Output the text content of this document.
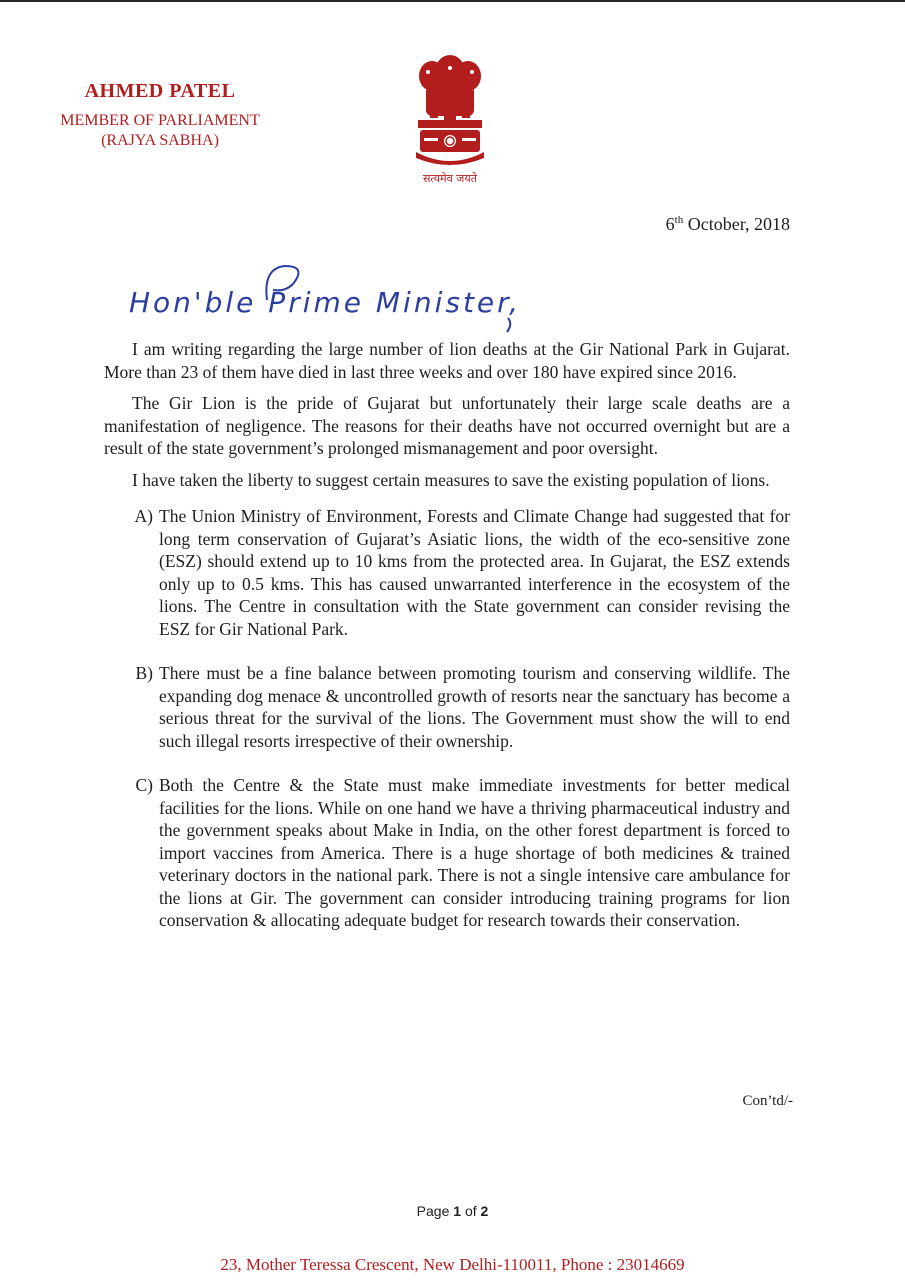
AHMED PATEL
MEMBER OF PARLIAMENT
(RAJYA SABHA)
सत्यमेव जयते
6th October, 2018
Hon'ble Prime Minister,

I am writing regarding the large number of lion deaths at the Gir National Park in Gujarat. More than 23 of them have died in last three weeks and over 180 have expired since 2016.

The Gir Lion is the pride of Gujarat but unfortunately their large scale deaths are a manifestation of negligence. The reasons for their deaths have not occurred overnight but are a result of the state government’s prolonged mismanagement and poor oversight.

I have taken the liberty to suggest certain measures to save the existing population of lions.

A) The Union Ministry of Environment, Forests and Climate Change had suggested that for long term conservation of Gujarat’s Asiatic lions, the width of the eco-sensitive zone (ESZ) should extend up to 10 kms from the protected area. In Gujarat, the ESZ extends only up to 0.5 kms. This has caused unwarranted interference in the ecosystem of the lions. The Centre in consultation with the State government can consider revising the ESZ for Gir National Park.
B) There must be a fine balance between promoting tourism and conserving wildlife. The expanding dog menace & uncontrolled growth of resorts near the sanctuary has become a serious threat for the survival of the lions. The Government must show the will to end such illegal resorts irrespective of their ownership.
C) Both the Centre & the State must make immediate investments for better medical facilities for the lions. While on one hand we have a thriving pharmaceutical industry and the government speaks about Make in India, on the other forest department is forced to import vaccines from America. There is a huge shortage of both medicines & trained veterinary doctors in the national park. There is not a single intensive care ambulance for the lions at Gir. The government can consider introducing training programs for lion conservation & allocating adequate budget for research towards their conservation.
Con’td/-
Page 1 of 2
23, Mother Teressa Crescent, New Delhi-110011, Phone : 23014669
